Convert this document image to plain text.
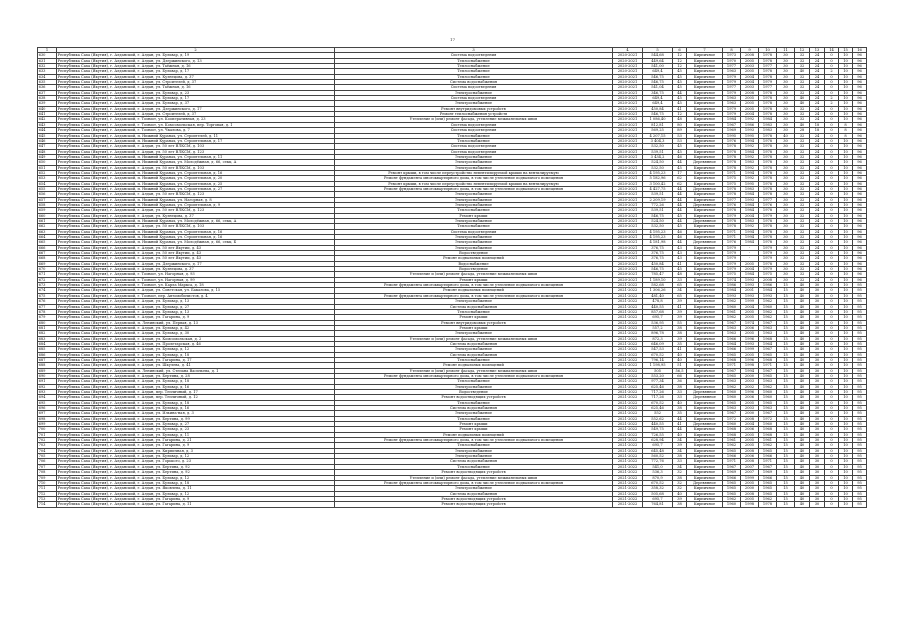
17
1	2	3	4	5	6	7	8	9	10	11	12	13	14	15	16
630	Республика Саха (Якутия), г. Алданский, г. Алдан, ул. Бульвар, д. 19	Система водоотведения	2020-2021	544,68	12	Кирпичное	1973	2008	1978	30	32	24	0	10	96
631	Республика Саха (Якутия), г. Алданский, г. Алдан, ул. Дзержинского, д. 13	Теплоснабжение	2020-2021	449,64	12	Кирпичное	1970	2005	1978	30	32	24	0	10	96
632	Республика Саха (Якутия), г. Алданский, г. Алдан, ул. Таёжная, д. 16	Теплоснабжение	2020-2021	541,00	12	Кирпичное	1977	2003	1977	30	32	24	0	10	96
633	Республика Саха (Якутия), г. Алданский, г. Алдан, ул. Бульвар, д. 17	Теплоснабжение	2020-2021	649,4	45	Кирпичное	1963	2005	1978	30	40	24	2	10	96
634	Республика Саха (Якутия), г. Алданский, г. Алдан, ул. Кузнецова, д. 37	Теплоснабжение	2020-2021	546,75	45	Кирпичное	1979	2004	1978	30	32	24	0	10	96
635	Республика Саха (Якутия), г. Алданский, г. Алдан, ул. Строителей, д. 37	Система водоснабжения	2020-2021	546,75	45	Кирпичное	1979	2004	1979	30	32	24	0	10	96
636	Республика Саха (Якутия), г. Алданский, г. Алдан, ул. Таёжная, д. 16	Система водоотведения	2020-2021	541,04	45	Кирпичное	1977	2003	1977	30	32	24	0	10	96
637	Республика Саха (Якутия), г. Алданский, г. Алдан, ул. Бульвар, д. 23	Электроснабжение	2020-2021	346,75	44	Кирпичное	1979	2008	1978	30	32	24	0	10	96
638	Республика Саха (Якутия), г. Алданский, г. Алдан, ул. Бульвар, д. 17	Система водоотведения	2020-2021	649,4	45	Кирпичное	1963	2005	1978	30	40	24	2	10	96
639	Республика Саха (Якутия), г. Алданский, г. Алдан, ул. Бульвар, д. 37	Электроснабжение	2020-2021	649,4	45	Кирпичное	1963	2005	1978	30	40	24	2	10	96
640	Республика Саха (Якутия), г. Алданский, г. Алдан, ул. Дзержинского, д. 17	Ремонт внутридомовых устройств	2020-2021	450,84	41	Кирпичное	1979	2005	1978	30	32	24	0	10	96
641	Республика Саха (Якутия), г. Алданский, г. Алдан, ул. Строителей, д. 37	Ремонт теплоснабжения устройств	2020-2021	546,75	12	Кирпичное	1979	2004	1978	30	32	24	0	10	96
642	Республика Саха (Якутия), г. Алданский, г. Томмот, ул. Кооперативная, д. 23	Утепление и (или) ремонт фасада, утепление межпанельных швов	2020-2021	1 086,40	48	Кирпичное	1984	1992	1984	30	32	24	0	10	96
643	Республика Саха (Якутия), г. Алданский, г. Томмот, ул. Комсомольская, пер. Торговая, д. 1	Система водоотведения	2020-2021	812,81	80	Кирпичное	1967	1986	1983	30	40	18	0	8	96
644	Республика Саха (Якутия), г. Алданский, г. Томмот, ул. Чкалова, д. 7	Система водоотведения	2020-2021	569,25	89	Кирпичное	1969	1993	1983	30	28	18	0	8	96
645	Республика Саха (Якутия), г. Алданский, п. Нижний Куранах, ул. Строителей, д. 11	Теплоснабжение	2020-2021	4 207,15	53	Кирпичное	1995	1995	1978	40	32	24	0	8	96
646	Республика Саха (Якутия), г. Алданский, п. Нижний Куранах, ул. Строительная, д. 17	Теплоснабжение	2020-2021	3 404,3	53	Кирпичное	1976	1994	1978	30	32	24	0	10	96
647	Республика Саха (Якутия), г. Алданский, г. Алдан, ул. 50 лет ВЛКСМ, д. 103	Система водоотведения	2020-2021	532,50	45	Кирпичное	1978	1992	1978	30	32	24	0	10	96
648	Республика Саха (Якутия), г. Алданский, г. Алдан, ул. 50 лет ВЛКСМ, д. 123	Система водоотведения	2020-2021	539,51	45	Кирпичное	1978	1984	1978	30	32	24	0	10	96
649	Республика Саха (Якутия), г. Алданский, п. Нижний Куранах, ул. Строительная, д. 11	Электроснабжение	2020-2021	3 434,2	46	Кирпичное	1978	1992	1978	30	32	24	0	10	96
650	Республика Саха (Якутия), г. Алданский, п. Нижний Куранах, ул. Молодёжная, д. 66, секц. А	Электроснабжение	2020-2021	524,50	44	Деревянное	1978	1983	1978	30	32	24	0	10	96
651	Республика Саха (Якутия), г. Алданский, г. Алдан, ул. 50 лет ВЛКСМ, д. 103	Электроснабжение	2020-2021	532,50	45	Кирпичное	1978	1992	1978	30	32	24	0	10	96
652	Республика Саха (Якутия), г. Алданский, п. Нижний Куранах, ул. Строительная, д. 16	Ремонт крыши, в том числе переустройство невентилируемой крыши на вентилируемую	2020-2021	4 195,23	17	Кирпичное	1971	1994	1978	30	32	24	0	10	96
653	Республика Саха (Якутия), г. Алданский, п. Нижний Куранах, ул. Строительная, д. 20	Ремонт фундамента многоквартирного дома, в том числе утепление подвального помещения	2020-2021	5 182,96	62	Кирпичное	1975	1992	1978	30	32	24	0	10	96
654	Республика Саха (Якутия), г. Алданский, п. Нижний Куранах, ул. Строительная, д. 25	Ремонт крыши, в том числе переустройство невентилируемой крыши на вентилируемую	2020-2021	3 100,42	62	Кирпичное	1975	1995	1978	30	32	24	0	10	96
655	Республика Саха (Якутия), г. Алданский, п. Нижний Куранах, ул. Строительная, д. 27	Ремонт фундамента многоквартирного дома, в том числе утепление подвального помещения	2020-2021	4 427,75	44	Деревянное	1978	1983	1978	30	32	24	0	10	96
656	Республика Саха (Якутия), г. Алданский, г. Алдан, ул. 50 лет ВЛКСМ, д. 123	Электроснабжение	2020-2021	539,51	44	Кирпичное	1978	1984	1978	30	32	24	0	10	96
657	Республика Саха (Якутия), г. Алданский, п. Нижний Куранах, ул. Нагорная, д. 8	Электроснабжение	2020-2021	2 209,19	44	Кирпичное	1977	1993	1977	30	32	24	0	10	96
658	Республика Саха (Якутия), г. Алданский, п. Нижний Куранах, ул. Строительная, д. 9	Электроснабжение	2020-2021	772,26	44	Деревянное	1976	1984	1976	30	32	24	0	10	96
659	Республика Саха (Якутия), г. Алданский, г. Алдан, ул. 50 лет ВЛКСМ, д. 123	Теплоснабжение	2020-2021	539,51	44	Кирпичное	1978	1984	1978	30	32	24	0	10	96
660	Республика Саха (Якутия), г. Алданский, г. Алдан, ул. Кузнецова, д. 37	Ремонт крыши	2020-2021	546,75	45	Кирпичное	1979	2004	1979	30	32	24	0	10	96
661	Республика Саха (Якутия), г. Алданский, п. Нижний Куранах, ул. Молодёжная, д. 66, секц. А	Электроснабжение	2020-2021	524,50	44	Деревянное	1978	1983	1978	30	32	24	0	10	96
662	Республика Саха (Якутия), г. Алданский, г. Алдан, ул. 50 лет ВЛКСМ, д. 103	Теплоснабжение	2020-2021	532,50	45	Кирпичное	1978	1992	1978	30	32	24	0	10	96
663	Республика Саха (Якутия), г. Алданский, п. Нижний Куранах, ул. Строительная, д. 16	Система водоотведения	2020-2021	4 195,23	46	Кирпичное	1971	1994	1978	30	32	24	0	10	96
664	Республика Саха (Якутия), г. Алданский, п. Нижний Куранах, ул. Строительная, д. 16	Электроснабжение	2020-2021	4 195,23	46	Кирпичное	1971	1994	1978	30	32	24	0	10	96
665	Республика Саха (Якутия), г. Алданский, п. Нижний Куранах, ул. Молодёжная, д. 66, секц. Б	Электроснабжение	2020-2021	4 181,98	44	Деревянное	1976	1984	1978	30	32	24	0	10	96
666	Республика Саха (Якутия), г. Алданский, г. Алдан, ул. 50 лет Якутии, д. 43	Электроснабжение	2020-2021	376,75	43	Кирпичное	1979	-	1979	30	32	24	0	10	96
667	Республика Саха (Якутия), г. Алданский, г. Алдан, ул. 50 лет Якутии, д. 43	Водоотведение	2020-2021	376,75	43	Кирпичное	1979	-	1979	30	32	24	0	10	96
668	Республика Саха (Якутия), г. Алданский, г. Алдан, ул. 50 лет Якутии, д. 43	Ремонт подвальных помещений	2020-2021	376,75	43	Кирпичное	1979	-	1979	30	32	24	0	10	96
669	Республика Саха (Якутия), г. Алданский, г. Алдан, ул. Дзержинского, д. 17	Водоснабжение	2020-2021	450,84	41	Кирпичное	1979	2005	1978	30	32	24	0	10	96
670	Республика Саха (Якутия), г. Алданский, г. Алдан, ул. Кузнецова, д. 37	Водоотведение	2020-2021	546,75	45	Кирпичное	1979	2004	1979	30	32	24	0	10	96
671	Республика Саха (Якутия), г. Алданский, г. Томмот, ул. Нагорная, д. 93	Утепление и (или) ремонт фасада, утепление межпанельных швов	2020-2021	785,47	48	Кирпичное	1975	1984	1975	30	32	24	0	10	96
672	Республика Саха (Якутия), г. Алданский, г. Томмот, ул. Нагорная, д. 99	Ремонт крыши	2020-2021	1 189,10	33	Кирпичное	1974	1993	2008	30	32	24	0	10	96
673	Республика Саха (Якутия), г. Алданский, г. Томмот, ул. Карла Маркса, д. 18	Ремонт фундамента многоквартирного дома, в том числе утепление подвального помещения	2021-2022	582,68	65	Кирпичное	1986	1993	1986	15	40	30	0	10	95
674	Республика Саха (Якутия), г. Алданский, г. Алдан, ул. Советская, ул. Бакалова, д. 15	Ремонт подвальных помещений	2021-2022	1 306,26	34	Кирпичное	1984	2001	1984	15	40	30	0	10	95
675	Республика Саха (Якутия), г. Алданский, г. Томмот, пер. Автомобилистов, д. 4	Ремонт фундамента многоквартирного дома, в том числе утепление подвального помещения	2021-2022	481,40	65	Кирпичное	1993	1993	1993	15	40	30	0	10	95
676	Республика Саха (Якутия), г. Алданский, г. Алдан, ул. Бульвар, д. 13	Электроснабжение	2021-2022	478,8	39	Кирпичное	1962	1999	1962	15	40	30	0	10	95
677	Республика Саха (Якутия), г. Алданский, г. Алдан, ул. Бульвар, д. 27	Система водоснабжения	2021-2022	440,55	41	Кирпичное	1960	2004	1960	15	40	30	0	10	95
678	Республика Саха (Якутия), г. Алданский, г. Алдан, ул. Бульвар, д. 13	Теплоснабжение	2021-2022	857,68	39	Кирпичное	1961	2005	1962	15	40	30	0	10	95
679	Республика Саха (Якутия), г. Алданский, г. Алдан, ул. Гагарина, д. 9	Ремонт крыши	2021-2022	695,7	39	Кирпичное	1962	2005	1962	15	40	30	0	10	95
680	Республика Саха (Якутия), г. Алданский, п. Ленинский, ул. Первая, д. 13	Ремонт внутридомовых устройств	2021-2022	536,95	55	Кирпичное	1967	1974	1967	15	40	30	0	10	95
681	Республика Саха (Якутия), г. Алданский, г. Алдан, ул. Бульвар, д. 42	Ремонт крыши	2021-2022	557,2	38	Кирпичное	1963	2006	1963	15	40	30	0	10	95
682	Республика Саха (Якутия), г. Алданский, г. Алдан, ул. Бульвар, д. 30	Электроснабжение	2021-2022	896,78	38	Кирпичное	1963	2005	1963	15	40	30	0	10	95
683	Республика Саха (Якутия), г. Алданский, г. Алдан, ул. Комсомольская, д. 2	Утепление и (или) ремонт фасада, утепление межпанельных швов	2021-2022	872,3	39	Кирпичное	1966	1996	1968	15	40	30	0	10	95
684	Республика Саха (Якутия), г. Алданский, г. Алдан, ул. Пролетарская, д. 46	Система водоснабжения	2021-2022	646,09	35	Кирпичное	1964	1993	1964	15	40	30	0	10	95
685	Республика Саха (Якутия), г. Алданский, г. Алдан, ул. Бульвар, д. 12	Электроснабжение	2021-2022	547,53	41	Кирпичное	1966	1999	1967	15	40	30	0	10	95
686	Республика Саха (Якутия), г. Алданский, г. Алдан, ул. Бульвар, д. 18	Система водоснабжения	2021-2022	670,52	40	Кирпичное	1965	2005	1965	15	40	30	0	10	95
687	Республика Саха (Якутия), г. Алданский, г. Алдан, ул. Гагарина, д. 17	Теплоснабжение	2021-2022	796,14	40	Кирпичное	1968	1996	1968	15	40	30	0	10	95
688	Республика Саха (Якутия), г. Алданский, г. Алдан, ул. Шкулева, д. 41	Ремонт подвальных помещений	2021-2022	1 198,95	51	Кирпичное	1971	1998	1971	15	40	30	0	10	95
689	Республика Саха (Якутия), г. Алданский, п. Ленинский, ул. Степана Васильева, д. 1	Утепление и (или) ремонт фасада, утепление межпанельных швов	2021-2022	505	56,5	Кирпичное	1967	1994	1967	15	40	30	0	10	95
690	Республика Саха (Якутия), г. Алданский, г. Алдан, ул. Бертина, д. 28	Ремонт фундамента многоквартирного дома, в том числе утепление подвального помещения	2021-2022	553,20	66	Кирпичное	1965	2000	1965	15	40	30	0	10	95
691	Республика Саха (Якутия), г. Алданский, г. Алдан, ул. Бульвар, д. 18	Теплоснабжение	2021-2022	977,34	36	Кирпичное	1963	2003	1963	15	40	30	0	10	95
692	Республика Саха (Якутия), г. Алданский, г. Алдан, ул. Бульвар, д. 16	Электроснабжение	2021-2022	625,46	38	Кирпичное	1962	2002	1962	15	40	30	0	10	95
693	Республика Саха (Якутия), г. Алданский, г. Алдан, пер. Тепличный, д. 17	Водоотведение	2021-2022	717,26	33	Деревянное	1960	1996	1960	15	40	30	0	10	95
694	Республика Саха (Якутия), г. Алданский, г. Алдан, пер. Тепличный, д. 12	Ремонт водоотводящих устройств	2021-2022	717,26	33	Деревянное	1960	2006	1960	15	40	30	0	10	95
695	Республика Саха (Якутия), г. Алданский, г. Алдан, ул. Бульвар, д. 18	Теплоснабжение	2021-2022	670,52	40	Кирпичное	1965	2005	1965	15	40	30	0	10	95
696	Республика Саха (Якутия), г. Алданский, г. Алдан, ул. Бульвар, д. 16	Система водоснабжения	2021-2022	625,46	38	Кирпичное	1963	2003	1963	15	40	30	0	10	95
697	Республика Саха (Якутия), г. Алданский, г. Алдан, ул. Ильина-ная, д. 3	Электроснабжение	2021-2022	552	35	Кирпичное	1967	2000	1967	15	40	30	0	10	95
698	Республика Саха (Якутия), г. Алданский, г. Алдан, ул. Бертина, д. 99	Теплоснабжение	2021-2022	552,62	44	Кирпичное	1972	2008	1972	15	40	30	0	10	95
699	Республика Саха (Якутия), г. Алданский, г. Алдан, ул. Бульвар, д. 27	Ремонт крыши	2021-2022	440,55	41	Деревянное	1960	2004	1960	15	40	30	0	10	95
700	Республика Саха (Якутия), г. Алданский, г. Алдан, ул. Бульвар, д. 23	Ремонт крыши	2021-2022	549,75	44	Кирпичное	1968	2006	1968	15	40	30	0	10	95
701	Республика Саха (Якутия), г. Алданский, г. Алдан, ул. Бульвар, д. 11	Ремонт подвальных помещений	2021-2022	726,55	40	Кирпичное	1968	2005	1968	15	40	30	0	10	95
702	Республика Саха (Якутия), г. Алданский, г. Алдан, ул. Гагарина, д. 21	Ремонт фундамента многоквартирного дома, в том числе утепление подвального помещения	2021-2022	628,94	34	Кирпичное	1961	2005	1961	15	40	30	0	10	95
703	Республика Саха (Якутия), г. Алданский, г. Алдан, ул. Гагарина, д. 9	Теплоснабжение	2021-2022	695,7	39	Кирпичное	1962	2005	1962	15	40	30	0	10	95
704	Республика Саха (Якутия), г. Алданский, г. Алдан, ул. Кирпичная, д. 3	Электроснабжение	2021-2022	645,48	34	Кирпичное	1965	2008	1965	15	40	30	0	10	95
705	Республика Саха (Якутия), г. Алданский, г. Алдан, ул. Бульвар, д. 12	Электроснабжение	2021-2022	560,52	38	Кирпичное	1966	2006	1966	15	40	30	0	10	95
706	Республика Саха (Якутия), г. Алданский, г. Алдан, ул. Горького, д. 23	Система водоснабжения	2021-2022	772,76	33	Кирпичное	1971	2008	1971	15	40	30	0	10	95
707	Республика Саха (Якутия), г. Алданский, г. Алдан, ул. Бертина, д. 92	Теплоснабжение	2021-2022	541,0	34	Кирпичное	1967	2007	1967	15	40	30	0	10	95
708	Республика Саха (Якутия), г. Алданский, г. Алдан, ул. Бертина, д. 92	Ремонт водоотводящих устройств	2021-2022	536,3	32	Кирпичное	1969	2007	1969	15	40	30	0	10	95
709	Республика Саха (Якутия), г. Алданский, г. Алдан, ул. Бульвар, д. 12	Утепление и (или) ремонт фасада, утепление межпанельных швов	2021-2022	870,9	38	Кирпичное	1966	1999	1966	15	40	30	0	10	95
710	Республика Саха (Якутия), г. Алданский, г. Алдан, ул. Бульвар, д. 18	Ремонт фундамента многоквартирного дома, в том числе утепление подвального помещения	2021-2022	670,52	32	Деревянное	1965	2005	1965	15	40	30	0	10	95
711	Республика Саха (Якутия), г. Алданский, г. Алдан, ул. Яковлева, д. 11	Электроснабжение	2021-2022	358,32	32	Кирпичное	1965	2000	1965	15	40	30	0	10	95
712	Республика Саха (Якутия), г. Алданский, г. Алдан, ул. Бульвар, д. 12	Система водоснабжения	2021-2022	505,68	40	Кирпичное	1965	2008	1965	15	40	30	0	10	95
713	Республика Саха (Якутия), г. Алданский, г. Алдан, ул. Гагарина, д. 9	Ремонт водоотводящих устройств	2021-2022	695,7	39	Кирпичное	1962	2005	1962	15	40	30	0	10	95
714	Республика Саха (Якутия), г. Алданский, г. Алдан, ул. Гагарина, д. 11	Ремонт водоотводящих устройств	2021-2022	764,81	38	Кирпичное	1960	1998	1978	15	40	30	0	10	95
